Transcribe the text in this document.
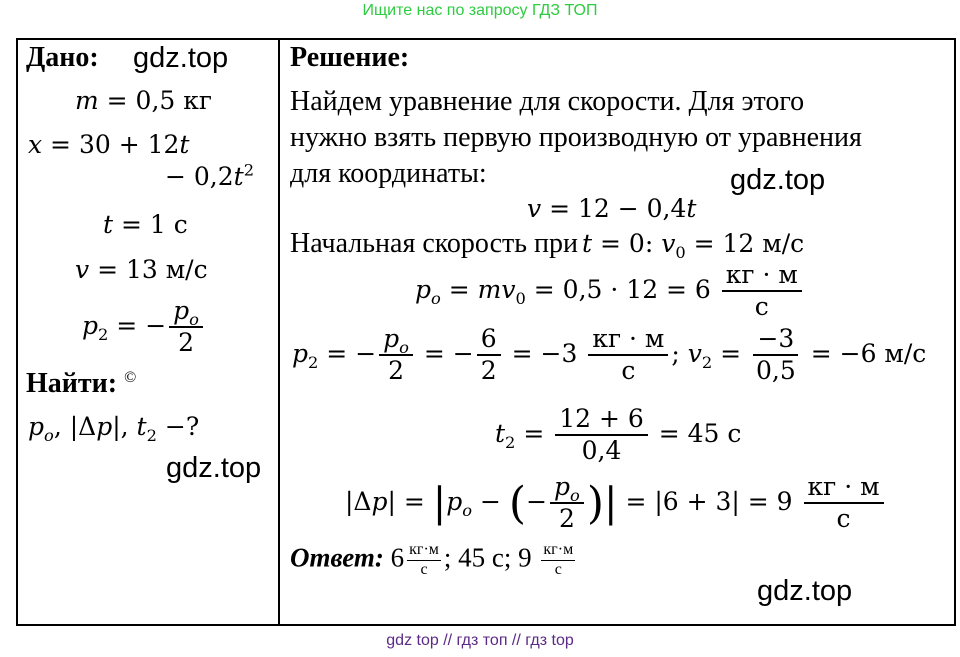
Ищите нас по запросу ГДЗ ТОП
gdz top // гдз топ // гдз top
Дано: gdz.top
m = 0,5 кг
x = 30 + 12t
− $0,2t^2$
t = 1 с
v = 13 м/с
$p_2$ = − $\frac{p_o}{2}$
Найти: ©
$p_o$, |Δp|, $t_2$ −?
gdz.top
Решение:
Найдем уравнение для скорости. Для этого
нужно взять первую производную от уравнения
для координаты:	gdz.top
v = 12 − 0,4t
Начальная скорость при t = 0: $v_0 = 12$ м/с
$p_o = mv_0 = 0,5 \cdot 12 = 6 \frac{кг \cdot м}{с}$
$p_2$ = − $\frac{p_o}{2}$ = − $\frac{6}{2} = -3 \frac{кг \cdot м}{с}$ ; $v_2 = \frac{-3}{0,5} = -6$ м/с
$t_2 = \frac{12 + 6}{0,4} = 45$ с
$|\Delta p| = |p_o$ − (− $\frac{p_o}{2}$ )| = $|6 + 3| = 9 \frac{кг \cdot м}{с}$
Ответ: $6 \frac{кг\cdot м}{с}$ ; 45 с; $9 \frac{кг\cdot м}{с}$
gdz.top
